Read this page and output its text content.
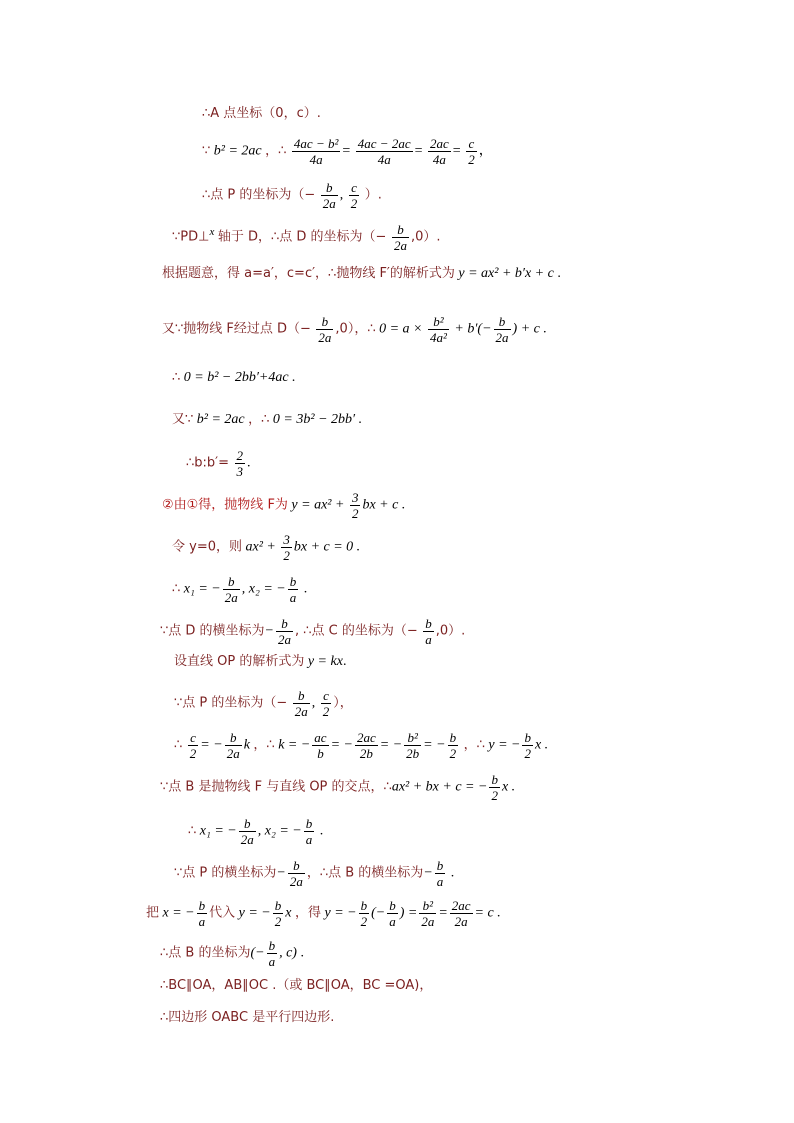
∴A 点坐标（0，c）.
∵ b² = 2ac ，∴ $\frac{\text{4ac − b²}}{4a} = \frac{4ac - 2ac}{4a} = \frac{2ac}{4a} = \frac{c}{2}$ ，
∴点 P 的坐标为（− $\frac{b}{2a}$ , $\frac{c}{2}$ ）.
∵PD⊥$^x$ 轴于 D，∴点 D 的坐标为（− $\frac{b}{2a} ,0$）.
根据题意，得 a=a′，c=c′，∴抛物线 F′的解析式为 y = ax² + b′x + c .
又∵抛物线 F经过点 $D(- \frac{b}{2a} ,0)$，∴ $0 = a \times \frac{\text{b²}}{\text{4a²}} + b'(- \frac{b}{2a}$ ) + c .
∴ 0 = b² − 2bb′+4ac .
又∵ b² = 2ac ，∴ 0 = 3b² − 2bb′ .
∴b:b′= $\frac{2}{3}$ .
②由①得，抛物线 F为 $y = ax^2 + \frac{3}{2}$ bx + c .
令 y=0，则 $ax^2 + \frac{3}{2}$ bx + c = 0 .
∴ x₁ = − $\frac{b}{2a}$ , x₂ = − $\frac{b}{a}$ .
∵点 D 的横坐标为− $\frac{b}{2a}$ , ∴点 C 的坐标为（− $\frac{b}{a} ,0$）.
设直线 OP 的解析式为 y = kx.
∵点 P 的坐标为（− $\frac{b}{2a}$ , $\frac{c}{2}$ ），
∴ $\frac{c}{2}$ = − $\frac{b}{2a}$ k ，∴ k = − $\frac{ac}{b}$ = − $\frac{2ac}{2b}$ = − $\frac{\text{b²}}{2b}$ = − $\frac{b}{2}$ ，∴ y = − $\frac{b}{2}$ x .
∵点 B 是抛物线 F 与直线 OP 的交点，∴ax² + bx + c = − $\frac{b}{2}$ x .
∴ x₁ = − $\frac{b}{2a}$ , x₂ = − $\frac{b}{a}$ .
∵点 P 的横坐标为− $\frac{b}{2a}$ ，∴点 B 的横坐标为− $\frac{b}{a}$ .
把 x = − $\frac{b}{a}$ 代入 y = − $\frac{b}{2}$ x ，得 y = − $\frac{b}{2}$ (− $\frac{b}{a}$ ) = $\frac{\text{b²}}{2a} = \frac{2ac}{2a} = c$ .
∴点 B 的坐标为(− $\frac{b}{a}$ , c) .
∴BC∥OA，AB∥OC .（或 BC∥OA，BC =OA)，
∴四边形 OABC 是平行四边形.
